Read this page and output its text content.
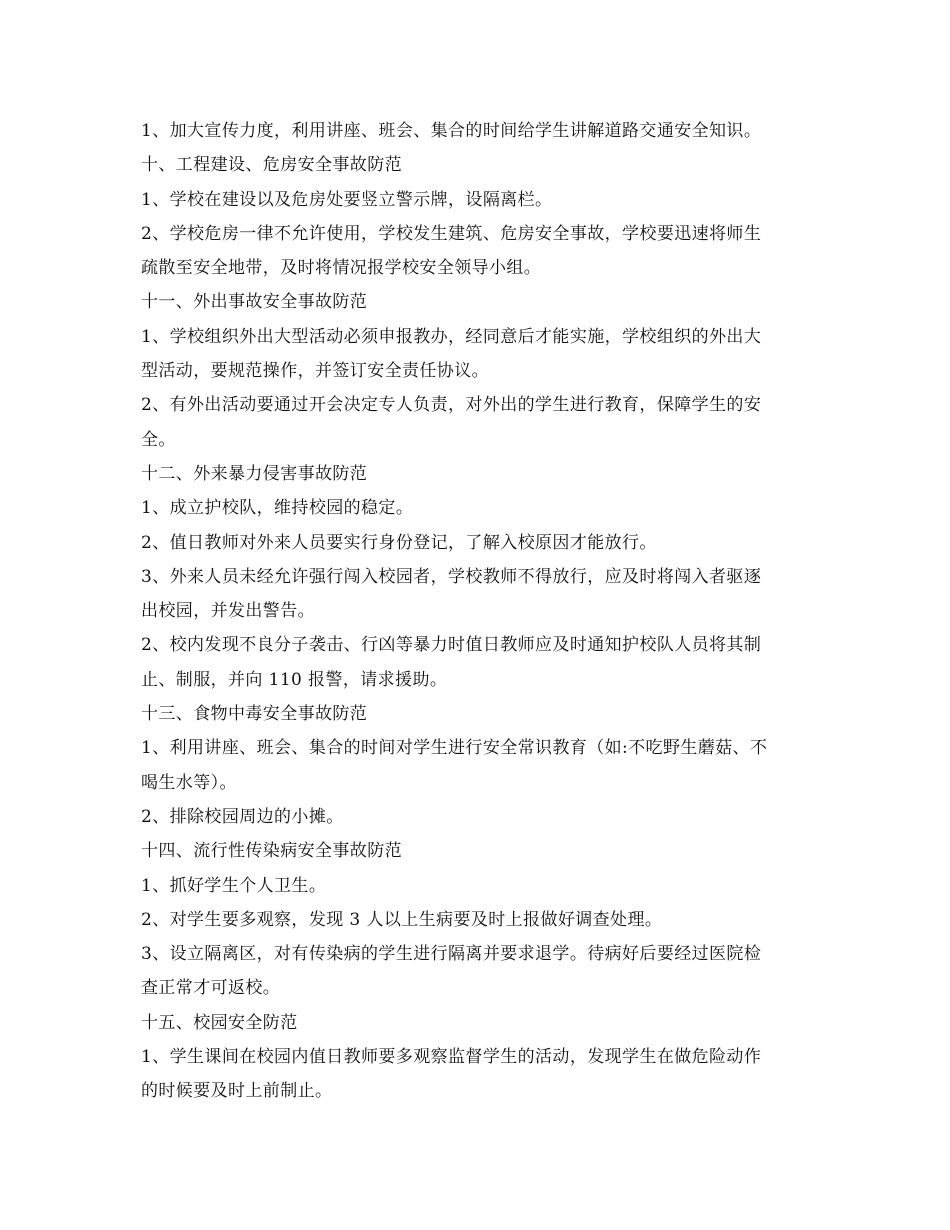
1、加大宣传力度，利用讲座、班会、集合的时间给学生讲解道路交通安全知识。
十、工程建设、危房安全事故防范
1、学校在建设以及危房处要竖立警示牌，设隔离栏。
2、学校危房一律不允许使用，学校发生建筑、危房安全事故，学校要迅速将师生
疏散至安全地带，及时将情况报学校安全领导小组。
十一、外出事故安全事故防范
1、学校组织外出大型活动必须申报教办，经同意后才能实施，学校组织的外出大
型活动，要规范操作，并签订安全责任协议。
2、有外出活动要通过开会决定专人负责，对外出的学生进行教育，保障学生的安
全。
十二、外来暴力侵害事故防范
1、成立护校队，维持校园的稳定。
2、值日教师对外来人员要实行身份登记，了解入校原因才能放行。
3、外来人员未经允许强行闯入校园者，学校教师不得放行，应及时将闯入者驱逐
出校园，并发出警告。
2、校内发现不良分子袭击、行凶等暴力时值日教师应及时通知护校队人员将其制
止、制服，并向 110 报警，请求援助。
十三、食物中毒安全事故防范
1、利用讲座、班会、集合的时间对学生进行安全常识教育（如:不吃野生蘑菇、不
喝生水等）。
2、排除校园周边的小摊。
十四、流行性传染病安全事故防范
1、抓好学生个人卫生。
2、对学生要多观察，发现 3 人以上生病要及时上报做好调查处理。
3、设立隔离区，对有传染病的学生进行隔离并要求退学。待病好后要经过医院检
查正常才可返校。
十五、校园安全防范
1、学生课间在校园内值日教师要多观察监督学生的活动，发现学生在做危险动作
的时候要及时上前制止。
